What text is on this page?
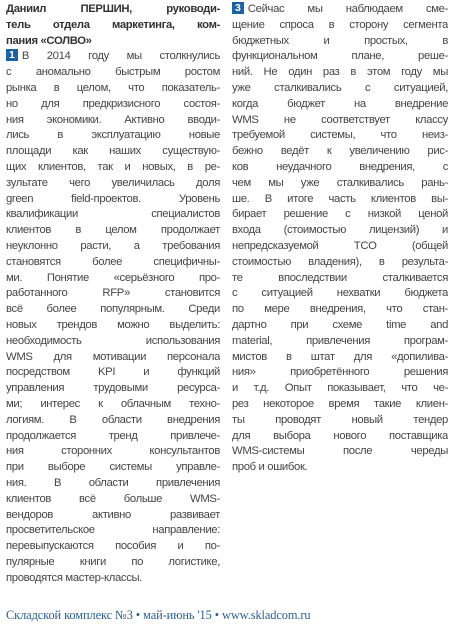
Даниил ПЕРШИН, руководи-
тель отдела маркетинга, ком-
пания «СОЛВО»
1 В 2014 году мы столкнулись
с аномально быстрым ростом
рынка в целом, что показатель-
но для предкризисного состоя-
ния экономики. Активно вводи-
лись в эксплуатацию новые
площади как наших существую-
щих клиентов, так и новых, в ре-
зультате чего увеличилась доля
green field-проектов. Уровень
квалификации специалистов
клиентов в целом продолжает
неуклонно расти, а требования
становятся более специфичны-
ми. Понятие «серьёзного про-
работанного RFP» становится
всё более популярным. Среди
новых трендов можно выделить:
необходимость использования
WMS для мотивации персонала
посредством KPI и функций
управления трудовыми ресурса-
ми; интерес к облачным техно-
логиям. В области внедрения
продолжается тренд привлече-
ния сторонних консультантов
при выборе системы управле-
ния. В области привлечения
клиентов всё больше WMS-
вендоров активно развивает
просветительское направление:
перевыпускаются пособия и по-
пулярные книги по логистике,
проводятся мастер-классы.
3 Сейчас мы наблюдаем сме-
щение спроса в сторону сегмента
бюджетных и простых, в
функциональном плане, реше-
ний. Не один раз в этом году мы
уже сталкивались с ситуацией,
когда бюджет на внедрение
WMS не соответствует классу
требуемой системы, что неиз-
бежно ведёт к увеличению рис-
ков неудачного внедрения, с
чем мы уже сталкивались рань-
ше. В итоге часть клиентов вы-
бирает решение с низкой ценой
входа (стоимостью лицензий) и
непредсказуемой TCO (общей
стоимостью владения), в результа-
те впоследствии сталкивается
с ситуацией нехватки бюджета
по мере внедрения, что стан-
дартно при схеме time and
material, привлечения програм-
мистов в штат для «допилива-
ния» приобретённого решения
и т.д. Опыт показывает, что че-
рез некоторое время такие клиен-
ты проводят новый тендер
для выбора нового поставщика
WMS-системы после череды
проб и ошибок.
Складской комплекс №3 • май-июнь '15 • www.skladcom.ru
